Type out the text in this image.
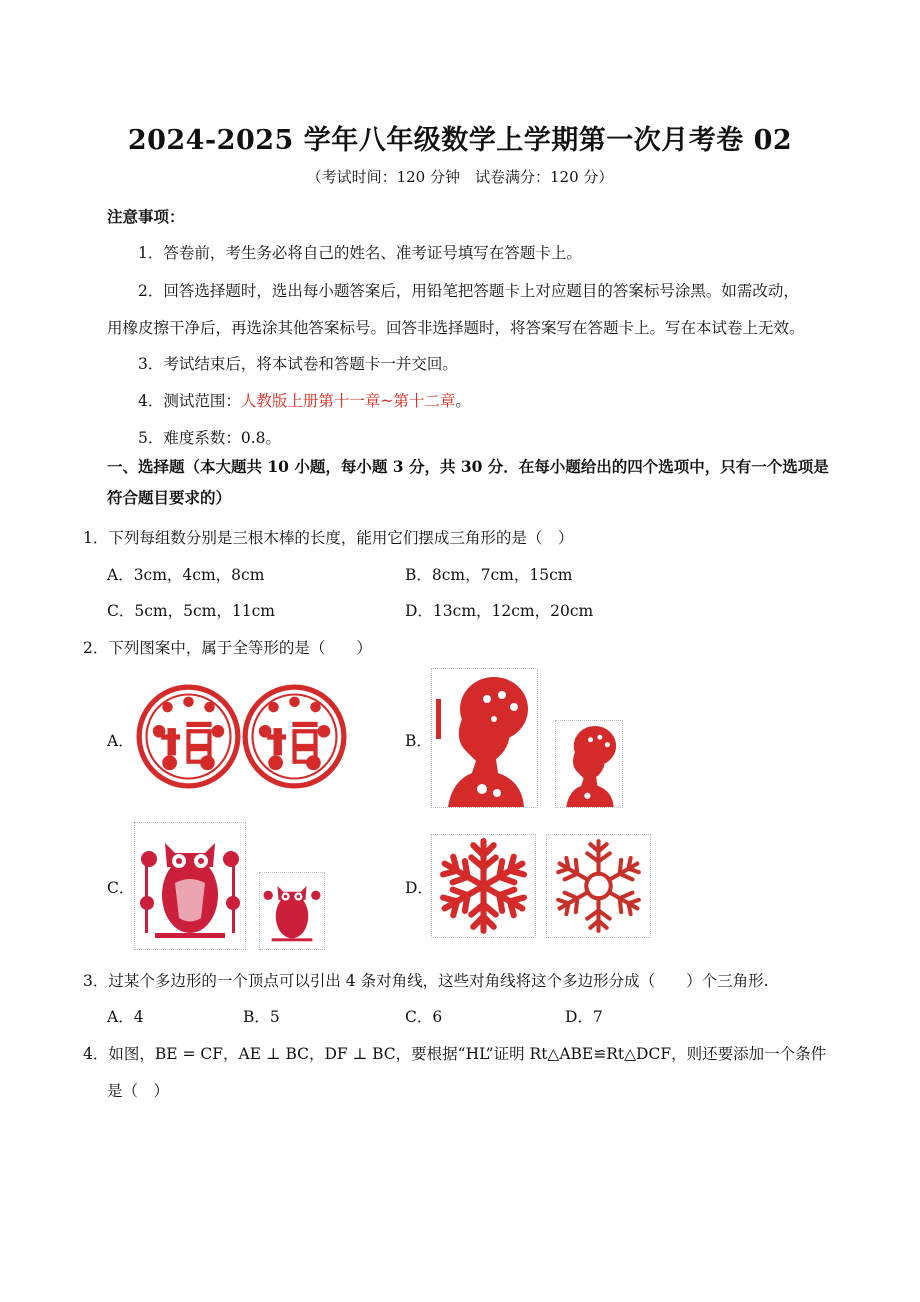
2024-2025 学年八年级数学上学期第一次月考卷 02
（考试时间：120 分钟　试卷满分：120 分）
注意事项：
1．答卷前，考生务必将自己的姓名、准考证号填写在答题卡上。
2．回答选择题时，选出每小题答案后，用铅笔把答题卡上对应题目的答案标号涂黑。如需改动，
用橡皮擦干净后，再选涂其他答案标号。回答非选择题时，将答案写在答题卡上。写在本试卷上无效。
3．考试结束后，将本试卷和答题卡一并交回。
4．测试范围：人教版上册第十一章~第十二章。
5．难度系数：0.8。
一、选择题（本大题共 10 小题，每小题 3 分，共 30 分．在每小题给出的四个选项中，只有一个选项是
符合题目要求的）
1．下列每组数分别是三根木棒的长度，能用它们摆成三角形的是（　）
A．3cm，4cm，8cm	B．8cm，7cm，15cm
C．5cm，5cm，11cm	D．13cm，12cm，20cm
2．下列图案中，属于全等形的是（　　）
A．	B．
C．	D．
3．过某个多边形的一个顶点可以引出 4 条对角线，这些对角线将这个多边形分成（　　）个三角形.
A．4	B．5	C．6	D．7
4．如图，BE = CF，AE ⊥ BC，DF ⊥ BC，要根据“HL”证明 Rt△ABE≌Rt△DCF，则还要添加一个条件
是（　）
